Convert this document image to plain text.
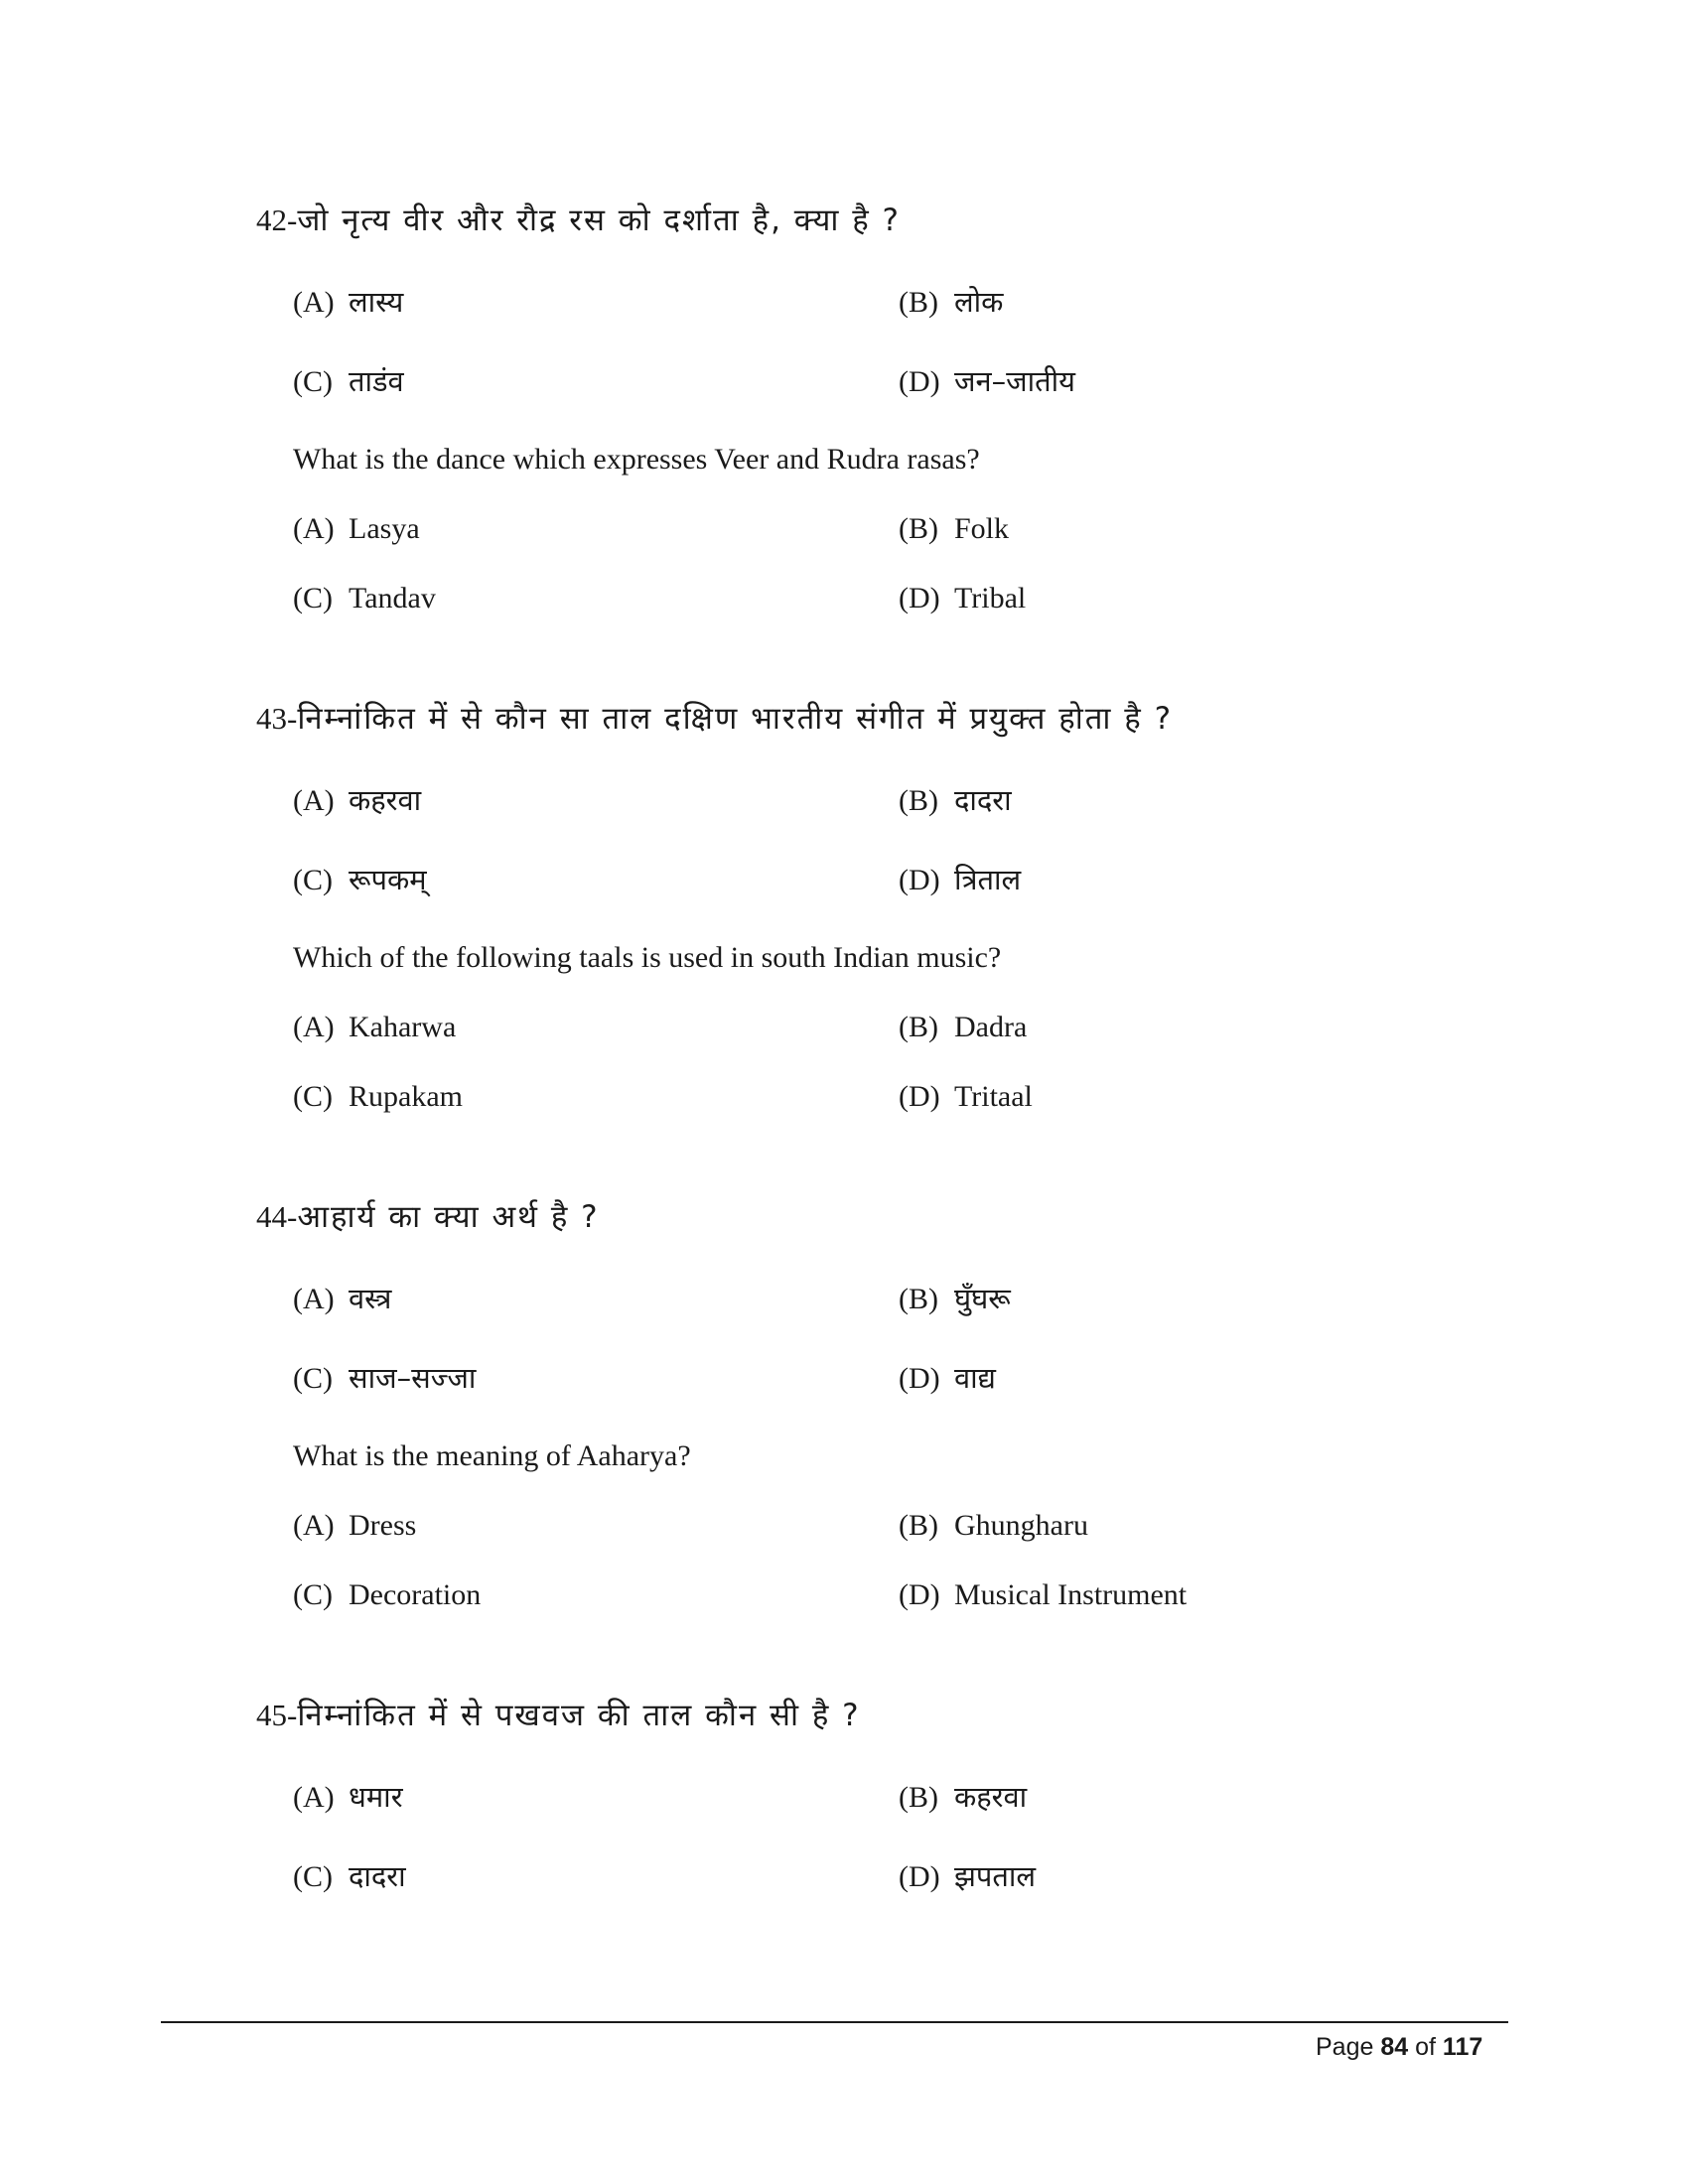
42-जो नृत्य वीर और रौद्र रस को दर्शाता है, क्या है ?
(A) लास्य	(B) लोक
(C) ताडंव	(D) जन–जातीय
What is the dance which expresses Veer and Rudra rasas?
(A) Lasya	(B) Folk
(C) Tandav	(D) Tribal
43-निम्नांकित में से कौन सा ताल दक्षिण भारतीय संगीत में प्रयुक्त होता है ?
(A) कहरवा	(B) दादरा
(C) रूपकम्	(D) त्रिताल
Which of the following taals is used in south Indian music?
(A) Kaharwa	(B) Dadra
(C) Rupakam	(D) Tritaal
44-आहार्य का क्या अर्थ है ?
(A) वस्त्र	(B) घुँघरू
(C) साज–सज्जा	(D) वाद्य
What is the meaning of Aaharya?
(A) Dress	(B) Ghungharu
(C) Decoration	(D) Musical Instrument
45-निम्नांकित में से पखवज की ताल कौन सी है ?
(A) धमार	(B) कहरवा
(C) दादरा	(D) झपताल
Page 84 of 117
